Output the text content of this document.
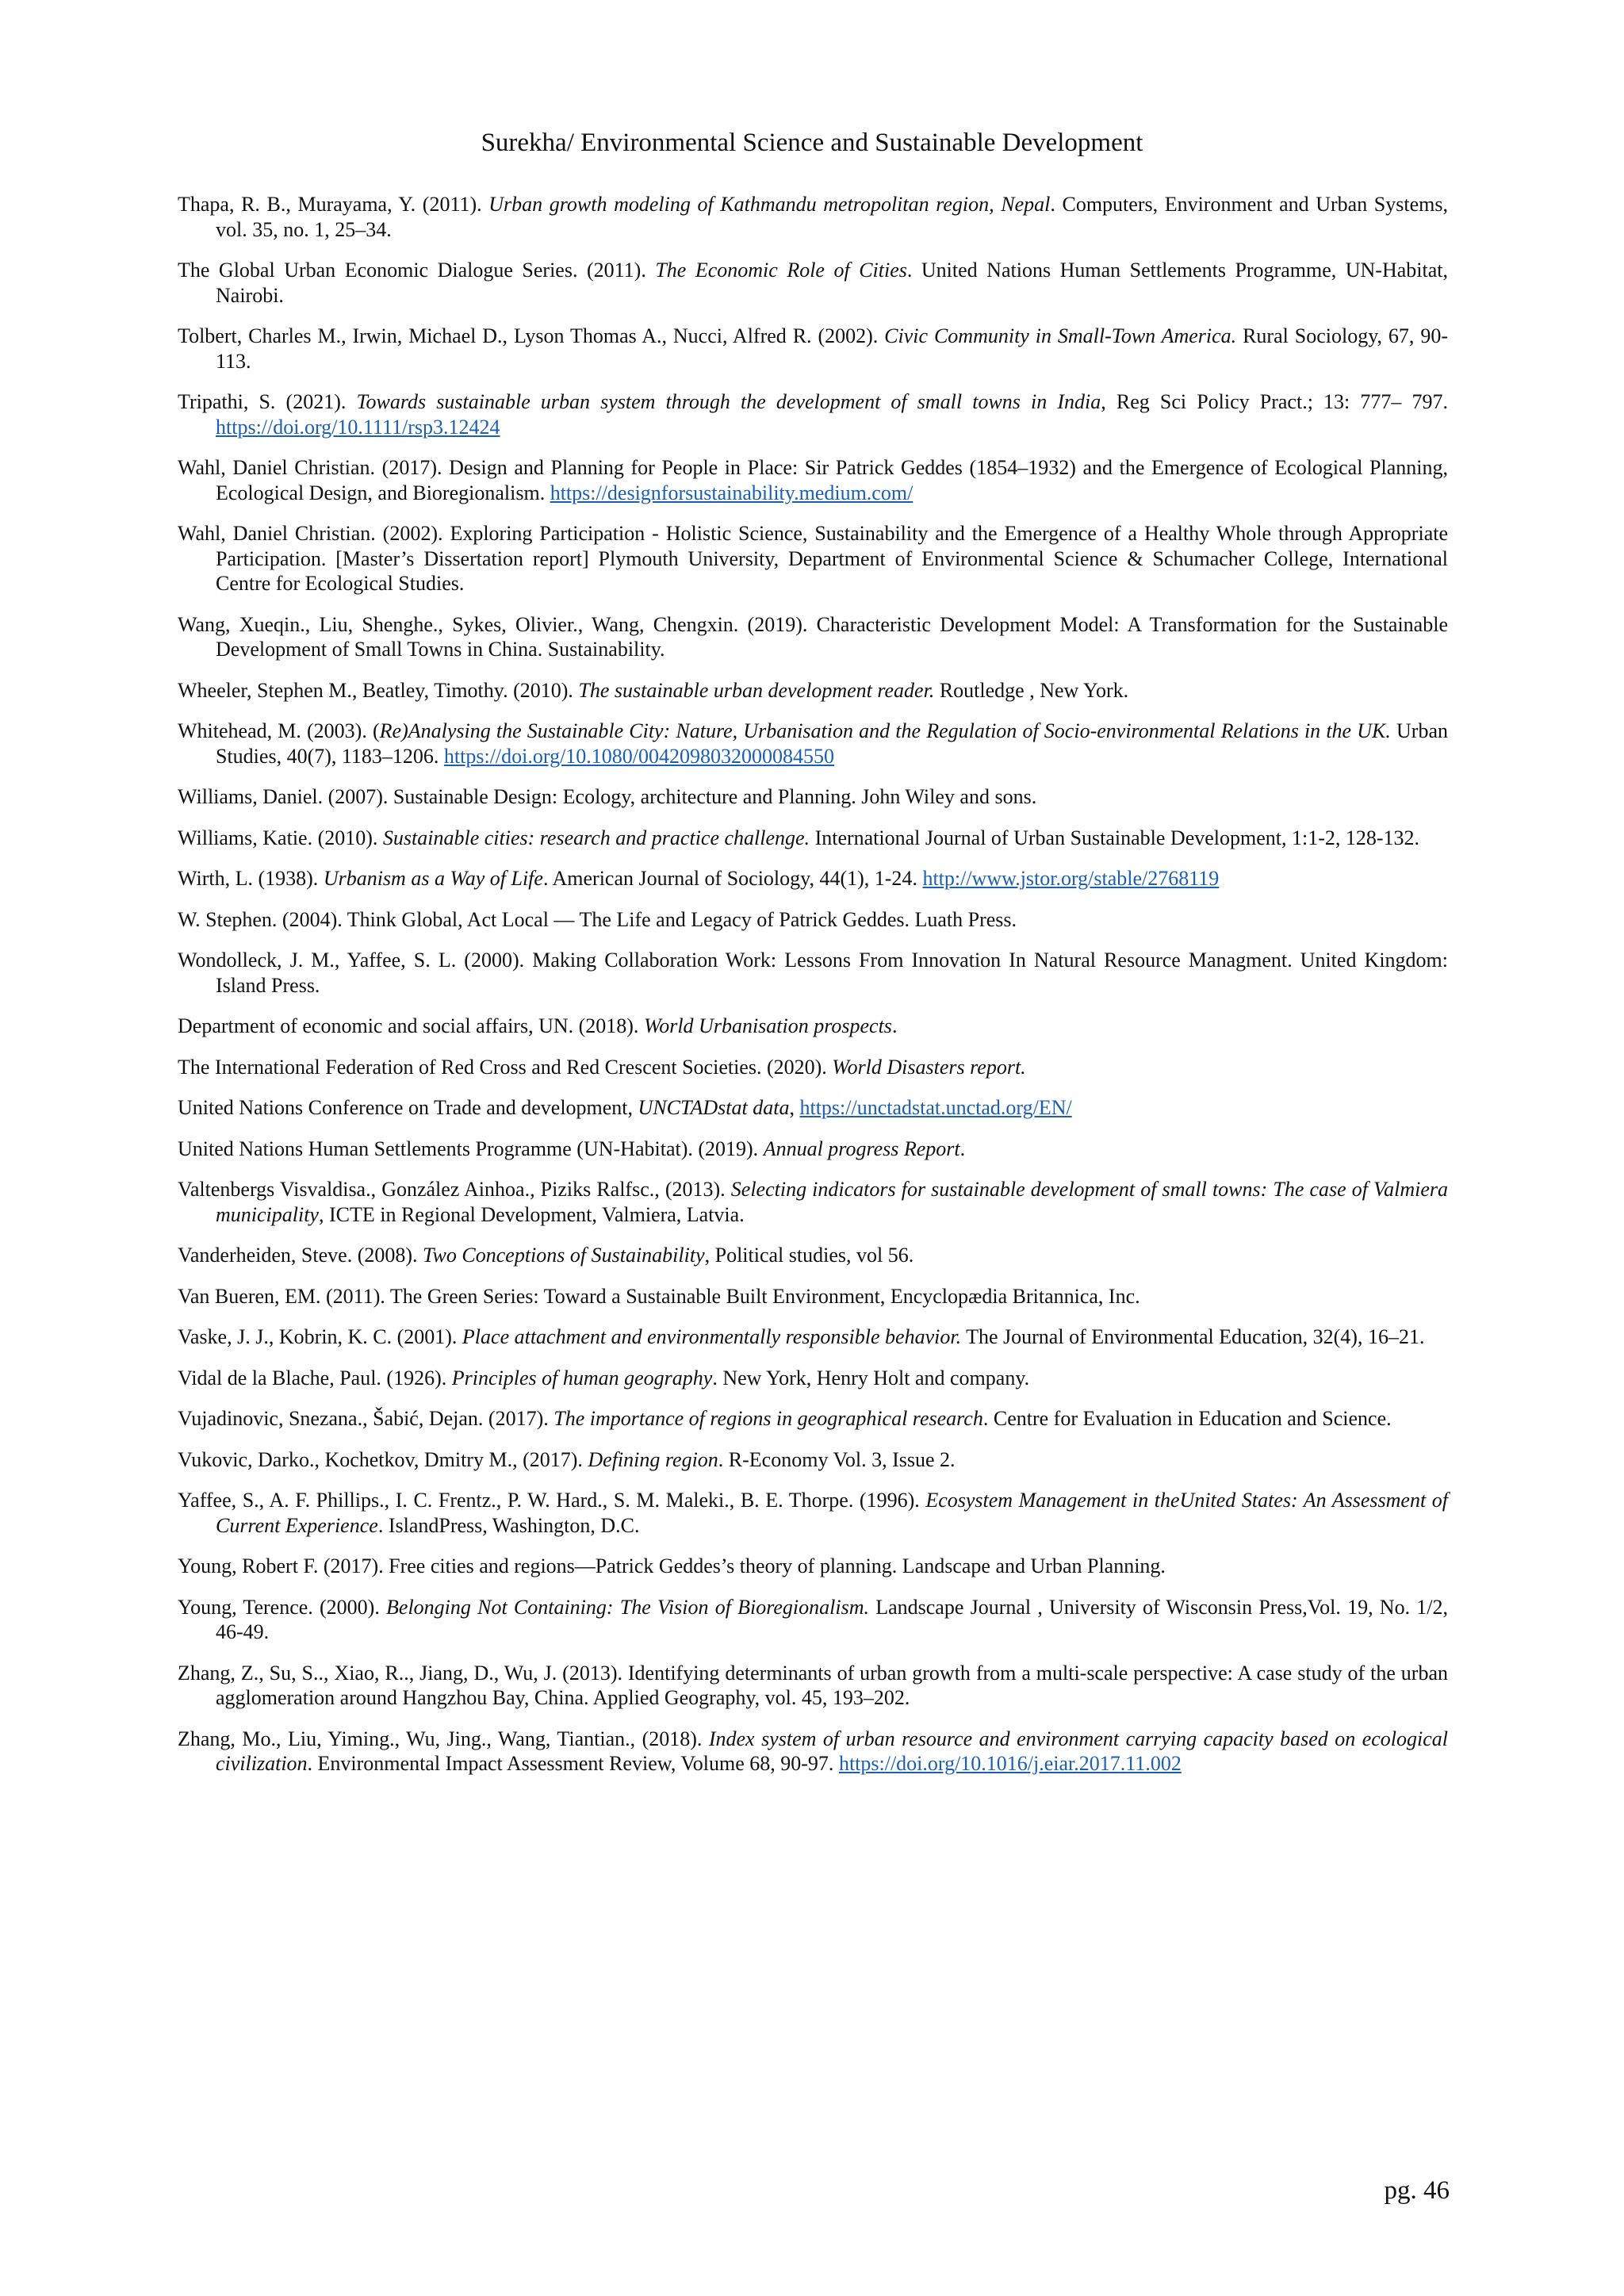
Surekha/ Environmental Science and Sustainable Development

Thapa, R. B., Murayama, Y. (2011). Urban growth modeling of Kathmandu metropolitan region, Nepal. Computers, Environment and Urban Systems, vol. 35, no. 1, 25–34.

The Global Urban Economic Dialogue Series. (2011). The Economic Role of Cities. United Nations Human Settlements Programme, UN-Habitat, Nairobi.

Tolbert, Charles M., Irwin, Michael D., Lyson Thomas A., Nucci, Alfred R. (2002). Civic Community in Small-Town America. Rural Sociology, 67, 90-113.

Tripathi, S. (2021). Towards sustainable urban system through the development of small towns in India, Reg Sci Policy Pract.; 13: 777– 797. https://doi.org/10.1111/rsp3.12424

Wahl, Daniel Christian. (2017). Design and Planning for People in Place: Sir Patrick Geddes (1854–1932) and the Emergence of Ecological Planning, Ecological Design, and Bioregionalism. https://designforsustainability.medium.com/

Wahl, Daniel Christian. (2002). Exploring Participation - Holistic Science, Sustainability and the Emergence of a Healthy Whole through Appropriate Participation. [Master’s Dissertation report] Plymouth University, Department of Environmental Science & Schumacher College, International Centre for Ecological Studies.

Wang, Xueqin., Liu, Shenghe., Sykes, Olivier., Wang, Chengxin. (2019). Characteristic Development Model: A Transformation for the Sustainable Development of Small Towns in China. Sustainability.

Wheeler, Stephen M., Beatley, Timothy. (2010). The sustainable urban development reader. Routledge , New York.

Whitehead, M. (2003). (Re)Analysing the Sustainable City: Nature, Urbanisation and the Regulation of Socio-environmental Relations in the UK. Urban Studies, 40(7), 1183–1206. https://doi.org/10.1080/0042098032000084550

Williams, Daniel. (2007). Sustainable Design: Ecology, architecture and Planning. John Wiley and sons.

Williams, Katie. (2010). Sustainable cities: research and practice challenge. International Journal of Urban Sustainable Development, 1:1-2, 128-132.

Wirth, L. (1938). Urbanism as a Way of Life. American Journal of Sociology, 44(1), 1-24. http://www.jstor.org/stable/2768119

W. Stephen. (2004). Think Global, Act Local — The Life and Legacy of Patrick Geddes. Luath Press.

Wondolleck, J. M., Yaffee, S. L. (2000). Making Collaboration Work: Lessons From Innovation In Natural Resource Managment. United Kingdom: Island Press.

Department of economic and social affairs, UN. (2018). World Urbanisation prospects.

The International Federation of Red Cross and Red Crescent Societies. (2020). World Disasters report.

United Nations Conference on Trade and development, UNCTADstat data, https://unctadstat.unctad.org/EN/

United Nations Human Settlements Programme (UN-Habitat). (2019). Annual progress Report.

Valtenbergs Visvaldisa., González Ainhoa., Piziks Ralfsc., (2013). Selecting indicators for sustainable development of small towns: The case of Valmiera municipality, ICTE in Regional Development, Valmiera, Latvia.

Vanderheiden, Steve. (2008). Two Conceptions of Sustainability, Political studies, vol 56.

Van Bueren, EM. (2011). The Green Series: Toward a Sustainable Built Environment, Encyclopædia Britannica, Inc.

Vaske, J. J., Kobrin, K. C. (2001). Place attachment and environmentally responsible behavior. The Journal of Environmental Education, 32(4), 16–21.

Vidal de la Blache, Paul. (1926). Principles of human geography. New York, Henry Holt and company.

Vujadinovic, Snezana., Šabić, Dejan. (2017). The importance of regions in geographical research. Centre for Evaluation in Education and Science.

Vukovic, Darko., Kochetkov, Dmitry M., (2017). Defining region. R-Economy Vol. 3, Issue 2.

Yaffee, S., A. F. Phillips., I. C. Frentz., P. W. Hard., S. M. Maleki., B. E. Thorpe. (1996). Ecosystem Management in theUnited States: An Assessment of Current Experience. IslandPress, Washington, D.C.

Young, Robert F. (2017). Free cities and regions—Patrick Geddes’s theory of planning. Landscape and Urban Planning.

Young, Terence. (2000). Belonging Not Containing: The Vision of Bioregionalism. Landscape Journal , University of Wisconsin Press,Vol. 19, No. 1/2, 46-49.

Zhang, Z., Su, S.., Xiao, R.., Jiang, D., Wu, J. (2013). Identifying determinants of urban growth from a multi-scale perspective: A case study of the urban agglomeration around Hangzhou Bay, China. Applied Geography, vol. 45, 193–202.

Zhang, Mo., Liu, Yiming., Wu, Jing., Wang, Tiantian., (2018). Index system of urban resource and environment carrying capacity based on ecological civilization. Environmental Impact Assessment Review, Volume 68, 90-97. https://doi.org/10.1016/j.eiar.2017.11.002

pg. 46
